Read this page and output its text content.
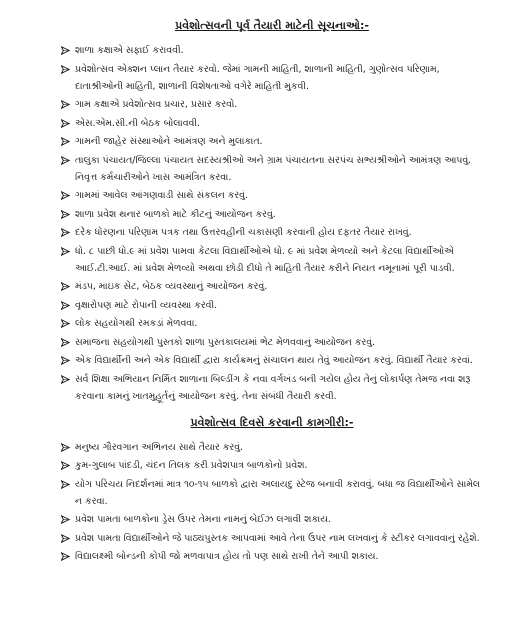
પ્રવેશોત્સવની પૂર્વ તૈયારી માટેની સૂચનાઓ:-
શાળા કક્ષાએ સફાઈ કરાવવી.
પ્રવેશોત્સવ એક્શન પ્લાન તૈયાર કરવો. જેમાં ગામની માહિતી, શાળાની માહિતી, ગુણોત્સવ પરિણામ, દાતાશ્રીઓની માહિતી, શાળાની વિશેષતાઓ વગેરે માહિતી મુકવી.
ગામ કક્ષાએ પ્રવેશોત્સવ પ્રચાર, પ્રસાર કરવો.
એસ.એમ.સી.ની બેઠક બોલાવવી.
ગામની જાહેર સંસ્થાઓને આમંત્રણ અને મુલાકાત.
તાલુકા પંચાયત/જિલ્લા પંચાયત સદસ્યશ્રીઓ અને ગ્રામ પંચાયતના સરપંચ સભ્યશ્રીઓને આમંત્રણ આપવું. નિવૃત્ત કર્મચારીઓને ખાસ આમંત્રિત કરવા.
ગામમાં આવેલ આંગણવાડી સાથે સંકલન કરવું.
શાળા પ્રવેશ થનાર બાળકો માટે કીટનું આયોજન કરવું.
દરેક ધોરણના પરિણામ પત્રક તથા ઉત્તરવહીની ચકાસણી કરવાની હોય દફતર તૈયાર રાખવું.
ધો. ૮ પાછી ધો.૯ માં પ્રવેશ પામવા કેટલા વિદ્યાર્થીઓએ ધો. ૯ માં પ્રવેશ મેળવ્યો અને કેટલા વિદ્યાર્થીઓએ આઈ.ટી.આઈ. માં પ્રવેશ મેળવ્યો અથવા છોડી દીધો તે માહિતી તૈયાર કરીને નિયત નમૂનામાં પૂરી પાડવી.
મંડપ, માઇક સેટ, બેઠક વ્યવસ્થાનું આયોજન કરવું.
વૃક્ષારોપણ માટે રોપાની વ્યવસ્થા કરવી.
લોક સહયોગથી રમકડાં મેળવવા.
સમાજના સહયોગથી પુસ્તકો શાળા પુસ્તકાલયમાં ભેટ મેળવવાનું આયોજન કરવું.
એક વિદ્યાર્થીની અને એક વિદ્યાર્થી દ્વારા કાર્યક્રમનું સંચાલન થાય તેવું આયોજન કરવું. વિદ્યાર્થી તૈયાર કરવાં.
સર્વ શિક્ષા અભિયાન નિર્મિત શાળાના બિલ્ડીંગ કે નવા વર્ગખંડ બની ગયેલ હોય તેનું લોકાર્પણ તેમજ નવા શરૂ કરવાના કામનું ખાતમુહૂર્તનું આયોજન કરવું. તેના સંબંધી તૈયારી કરવી.
પ્રવેશોત્સવ દિવસે કરવાની કામગીરી:-
મનુષ્ય ગૌરવગાન અભિનય સાથે તૈયાર કરવું.
કુમ-ગુલાબ પાંદડી, ચંદન તિલક કરી પ્રવેશપાત્ર બાળકોનો પ્રવેશ.
યોગ પરિચય નિદર્શનમાં માત્ર ૧૦-૧૫ બાળકો દ્વારા અલાયદુ સ્ટેજ બનાવી કરાવવું. બધા જ વિદ્યાર્થીઓને સામેલ ન કરવા.
પ્રવેશ પામતા બાળકોના ડ્રેસ ઉપર તેમના નામનું બેઈઝ લગાવી શકાય.
પ્રવેશ પામતા વિદ્યાર્થીઓને જે પાઠ્યપુસ્તક આપવામાં આવે તેના ઉપર નામ લખવાનું કે સ્ટીકર લગાવવાનું રહેશે.
વિદ્યાલક્ષ્મી બોન્ડની કોપી જો મળવાપાત્ર હોય તો પણ સાથે રાખી તેને આપી શકાય.
